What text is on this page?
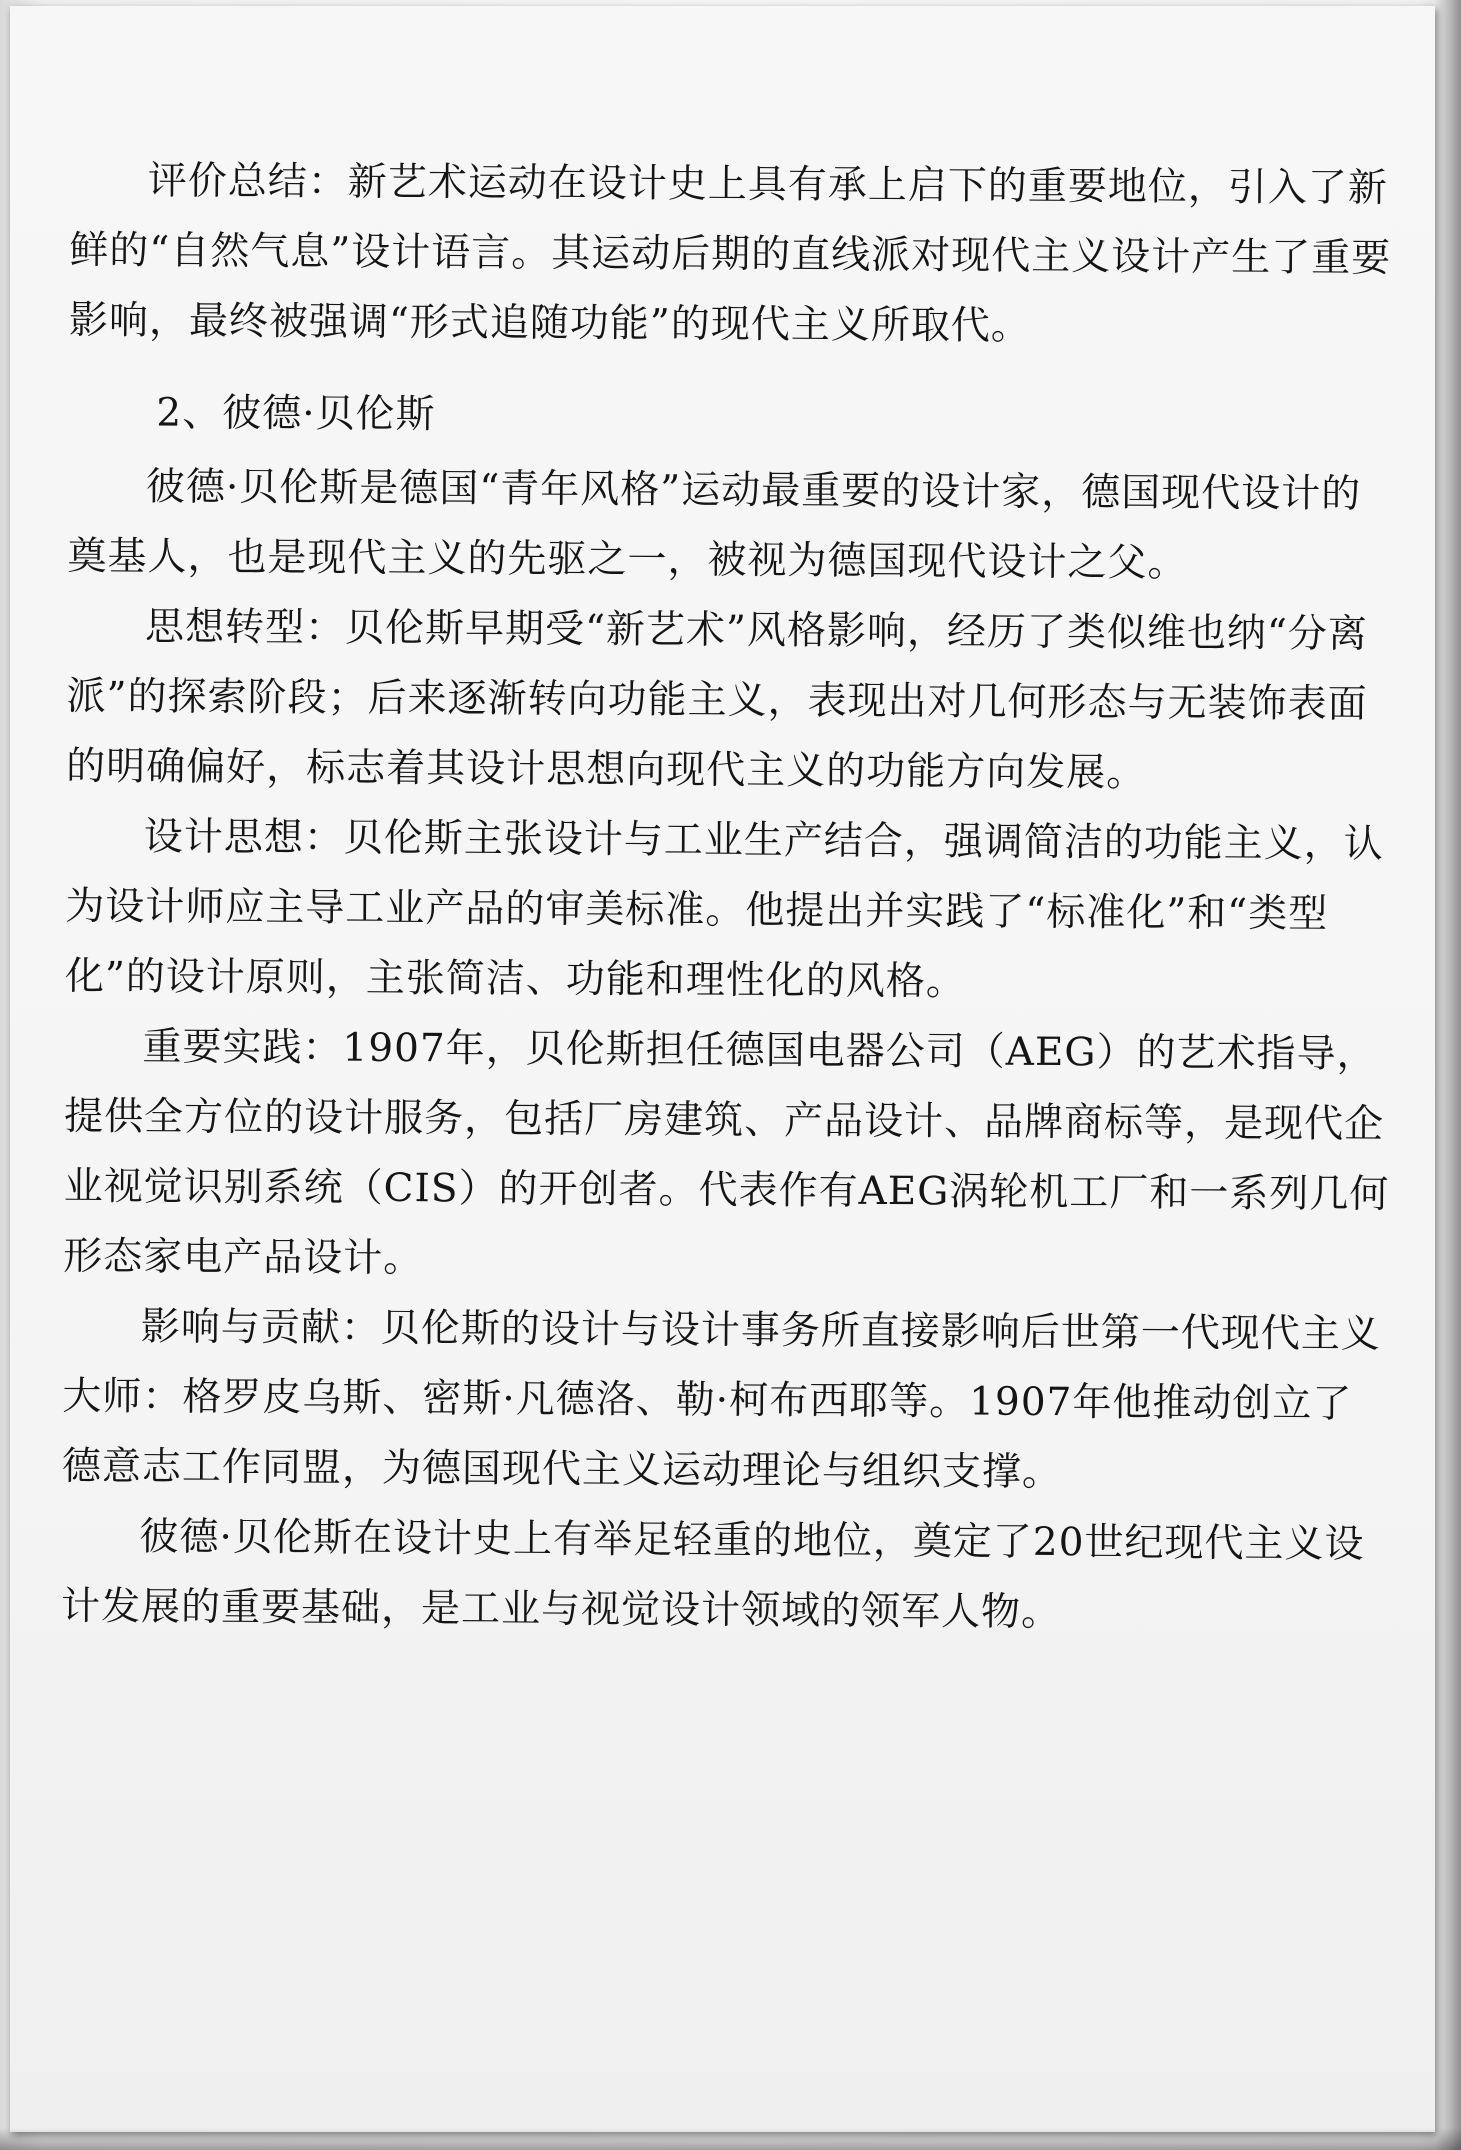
评价总结：新艺术运动在设计史上具有承上启下的重要地位，引入了新鲜的“自然气息”设计语言。其运动后期的直线派对现代主义设计产生了重要影响，最终被强调“形式追随功能”的现代主义所取代。

2、彼德·贝伦斯

彼德·贝伦斯是德国“青年风格”运动最重要的设计家，德国现代设计的奠基人，也是现代主义的先驱之一，被视为德国现代设计之父。

思想转型：贝伦斯早期受“新艺术”风格影响，经历了类似维也纳“分离派”的探索阶段；后来逐渐转向功能主义，表现出对几何形态与无装饰表面的明确偏好，标志着其设计思想向现代主义的功能方向发展。

设计思想：贝伦斯主张设计与工业生产结合，强调简洁的功能主义，认为设计师应主导工业产品的审美标准。他提出并实践了“标准化”和“类型化”的设计原则，主张简洁、功能和理性化的风格。

重要实践：1907年，贝伦斯担任德国电器公司（AEG）的艺术指导，提供全方位的设计服务，包括厂房建筑、产品设计、品牌商标等，是现代企业视觉识别系统（CIS）的开创者。代表作有AEG涡轮机工厂和一系列几何形态家电产品设计。

影响与贡献：贝伦斯的设计与设计事务所直接影响后世第一代现代主义大师：格罗皮乌斯、密斯·凡德洛、勒·柯布西耶等。1907年他推动创立了德意志工作同盟，为德国现代主义运动理论与组织支撑。

彼德·贝伦斯在设计史上有举足轻重的地位，奠定了20世纪现代主义设计发展的重要基础，是工业与视觉设计领域的领军人物。
